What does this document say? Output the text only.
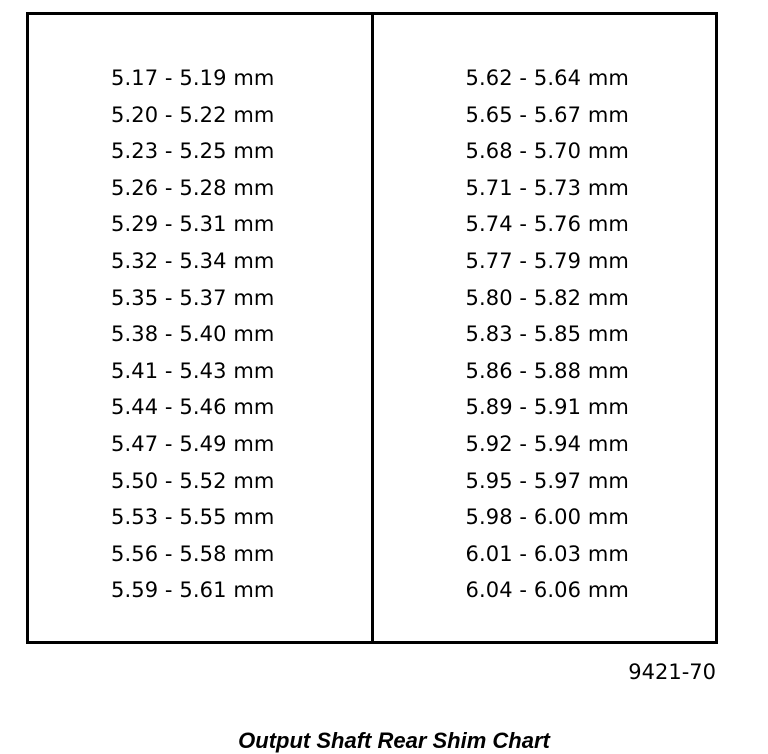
5.17 - 5.19 mm
5.20 - 5.22 mm
5.23 - 5.25 mm
5.26 - 5.28 mm
5.29 - 5.31 mm
5.32 - 5.34 mm
5.35 - 5.37 mm
5.38 - 5.40 mm
5.41 - 5.43 mm
5.44 - 5.46 mm
5.47 - 5.49 mm
5.50 - 5.52 mm
5.53 - 5.55 mm
5.56 - 5.58 mm
5.59 - 5.61 mm
5.62 - 5.64 mm
5.65 - 5.67 mm
5.68 - 5.70 mm
5.71 - 5.73 mm
5.74 - 5.76 mm
5.77 - 5.79 mm
5.80 - 5.82 mm
5.83 - 5.85 mm
5.86 - 5.88 mm
5.89 - 5.91 mm
5.92 - 5.94 mm
5.95 - 5.97 mm
5.98 - 6.00 mm
6.01 - 6.03 mm
6.04 - 6.06 mm
9421-70
Output Shaft Rear Shim Chart
